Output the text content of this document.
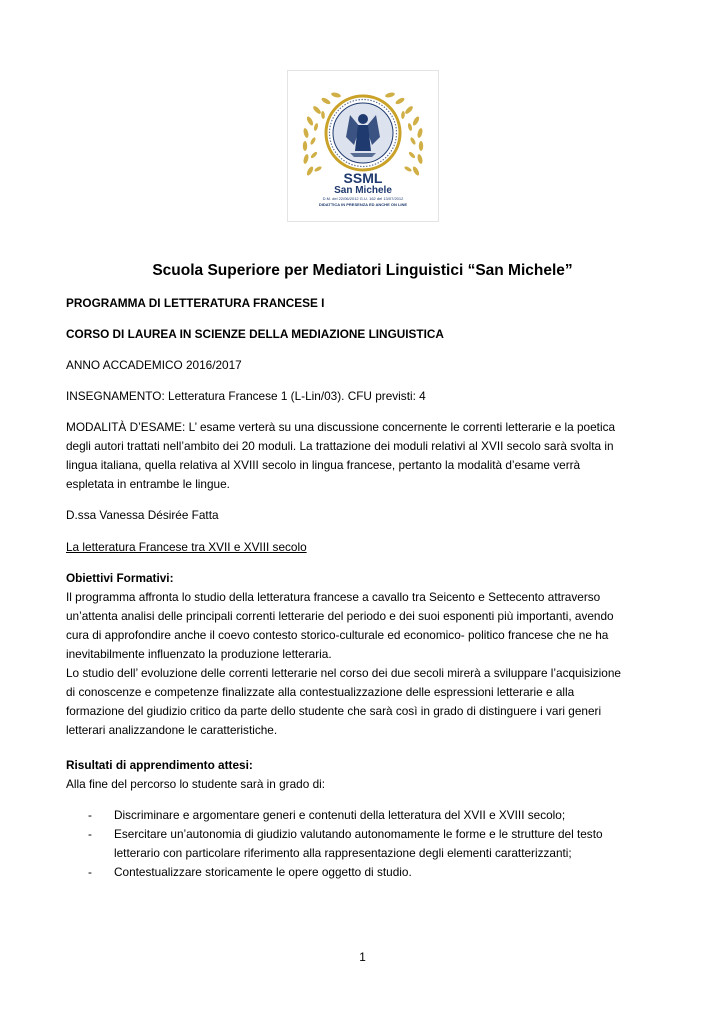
SSML
San Michele
D.M. del 22/06/2012 G.U. 162 del 13/07/2012
DIDATTICA IN PRESENZA ED ANCHE ON LINE
Scuola Superiore per Mediatori Linguistici “San Michele”
PROGRAMMA DI LETTERATURA FRANCESE I
CORSO DI LAUREA IN SCIENZE DELLA MEDIAZIONE LINGUISTICA
ANNO ACCADEMICO 2016/2017
INSEGNAMENTO: Letteratura Francese 1 (L-Lin/03). CFU previsti: 4
MODALITÀ D’ESAME: L’ esame verterà su una discussione concernente le correnti letterarie e la poetica
degli autori trattati nell’ambito dei 20 moduli. La trattazione dei moduli relativi al XVII secolo sarà svolta in
lingua italiana, quella relativa al XVIII secolo in lingua francese, pertanto la modalità d’esame verrà
espletata in entrambe le lingue.
D.ssa Vanessa Désirée Fatta
La letteratura Francese tra XVII e XVIII secolo
Obiettivi Formativi:
Il programma affronta lo studio della letteratura francese a cavallo tra Seicento e Settecento attraverso
un’attenta analisi delle principali correnti letterarie del periodo e dei suoi esponenti più importanti, avendo
cura di approfondire anche il coevo contesto storico-culturale ed economico- politico francese che ne ha
inevitabilmente influenzato la produzione letteraria.
Lo studio dell’ evoluzione delle correnti letterarie nel corso dei due secoli mirerà a sviluppare l’acquisizione
di conoscenze e competenze finalizzate alla contestualizzazione delle espressioni letterarie e alla
formazione del giudizio critico da parte dello studente che sarà così in grado di distinguere i vari generi
letterari analizzandone le caratteristiche.
Risultati di apprendimento attesi:
Alla fine del percorso lo studente sarà in grado di:
- Discriminare e argomentare generi e contenuti della letteratura del XVII e XVIII secolo;
- Esercitare un’autonomia di giudizio valutando autonomamente le forme e le strutture del testo
letterario con particolare riferimento alla rappresentazione degli elementi caratterizzanti;
- Contestualizzare storicamente le opere oggetto di studio.
1
